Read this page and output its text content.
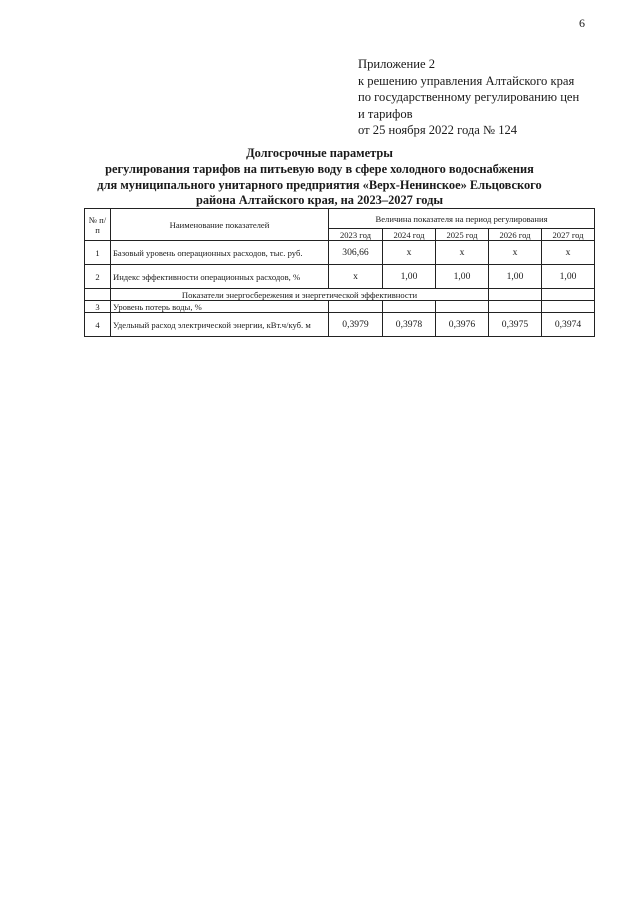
6
Приложение 2
к решению управления Алтайского края
по государственному регулированию цен
и тарифов
от 25 ноября 2022 года № 124
Долгосрочные параметры
регулирования тарифов на питьевую воду в сфере холодного водоснабжения
для муниципального унитарного предприятия «Верх-Ненинское» Ельцовского
района Алтайского края, на 2023–2027 годы
№ п/п	Наименование показателей	Величина показателя на период регулирования				
		2023 год	2024 год	2025 год	2026 год	2027 год
1	Базовый уровень операционных расходов, тыс. руб.	306,66	х	х	х	х
2	Индекс эффективности операционных расходов, %	х	1,00	1,00	1,00	1,00
	Показатели энергосбережения и энергетической эффективности					
3	Уровень потерь воды, %					
4	Удельный расход электрической энергии, кВт.ч/куб. м	0,3979	0,3978	0,3976	0,3975	0,3974
